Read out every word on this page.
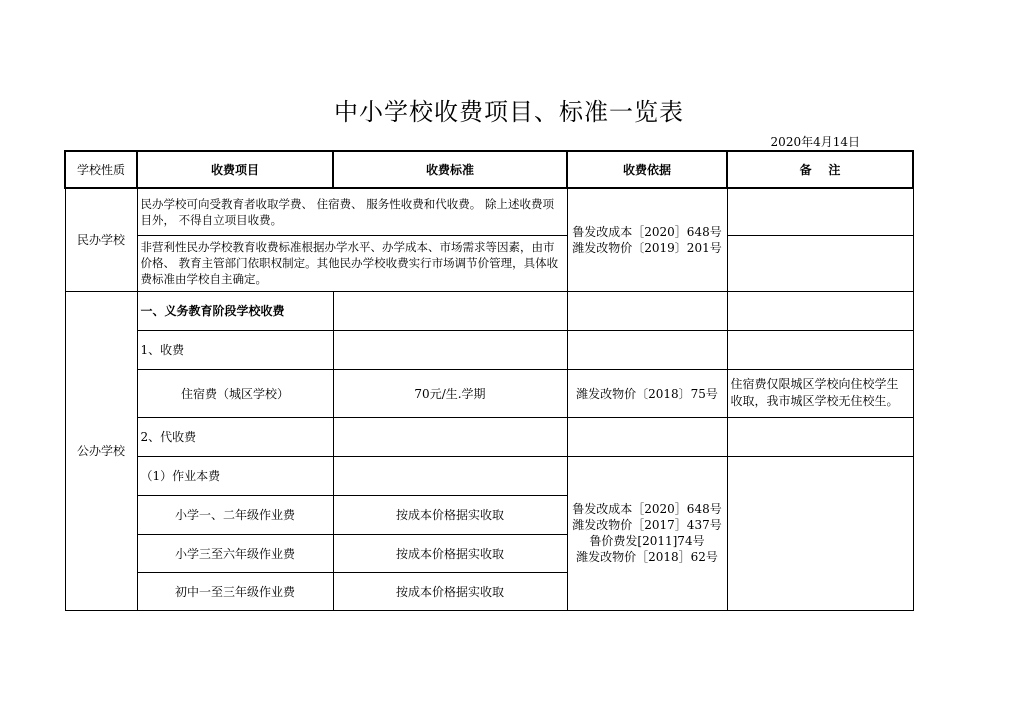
中小学校收费项目、标准一览表
2020年4月14日
学校性质	收费项目	收费标准	收费依据	备    注
民办学校	民办学校可向受教育者收取学费、 住宿费、 服务性收费和代收费。 除上述收费项目外， 不得自立项目收费。		鲁发改成本［2020］648号
潍发改物价〔2019〕201号	

	非营利性民办学校教育收费标准根据办学水平、办学成本、市场需求等因素，由市价格、 教育主管部门依职权制定。其他民办学校收费实行市场调节价管理，具体收费标准由学校自主确定。			
公办学校	一、义务教育阶段学校收费			
	1、收费			
	住宿费（城区学校）	70元/生.学期	潍发改物价〔2018〕75号	住宿费仅限城区学校向住校学生收取，我市城区学校无住校生。
	2、代收费			
	（1）作业本费		鲁发改成本［2020］648号
潍发改物价［2017］437号
鲁价费发[2011]74号
潍发改物价［2018］62号	

	小学一、二年级作业费	按成本价格据实收取		
	小学三至六年级作业费	按成本价格据实收取		
	初中一至三年级作业费	按成本价格据实收取		
